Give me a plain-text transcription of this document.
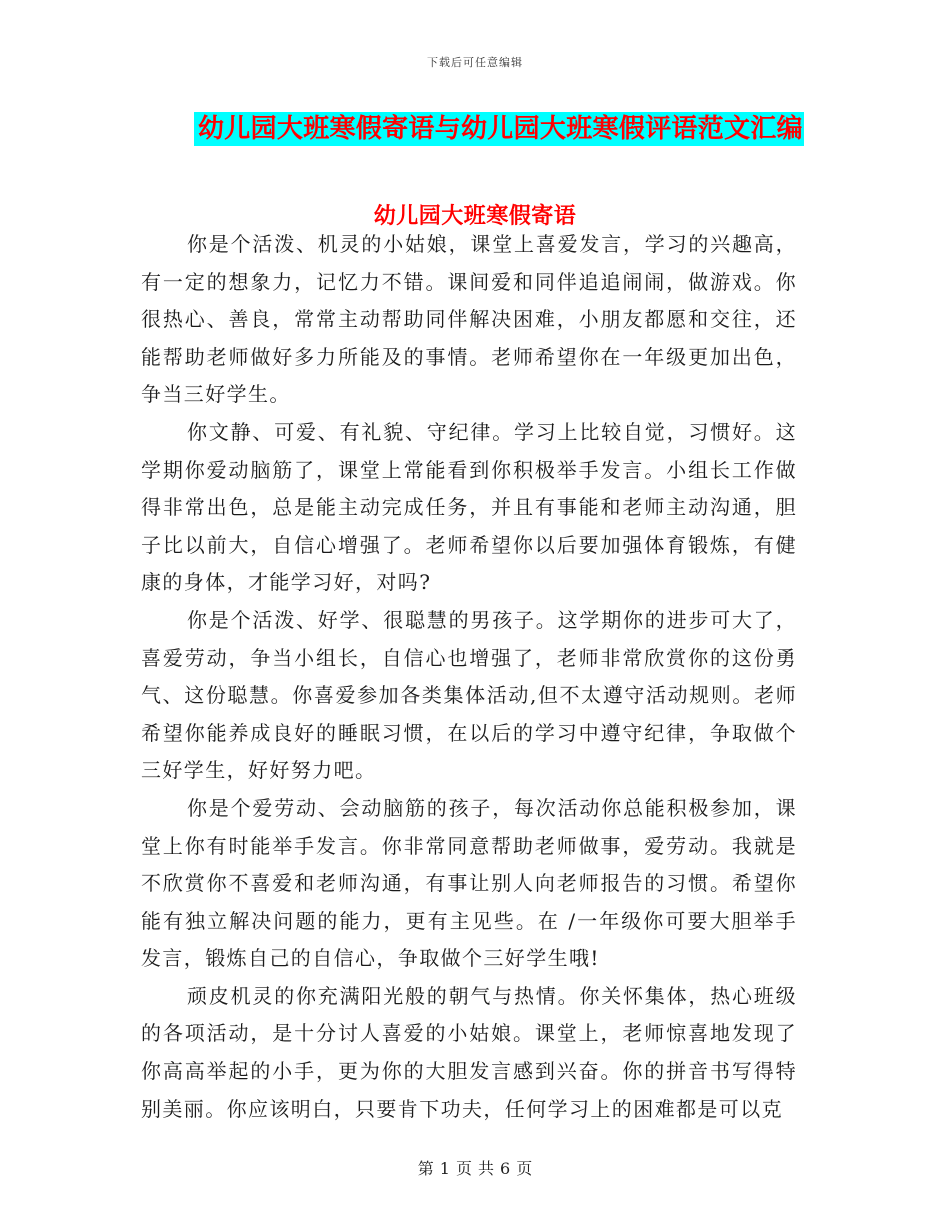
下载后可任意编辑
幼儿园大班寒假寄语与幼儿园大班寒假评语范文汇编
幼儿园大班寒假寄语

你是个活泼、机灵的小姑娘，课堂上喜爱发言，学习的兴趣高，有一定的想象力，记忆力不错。课间爱和同伴追追闹闹，做游戏。你很热心、善良，常常主动帮助同伴解决困难，小朋友都愿和交往，还能帮助老师做好多力所能及的事情。老师希望你在一年级更加出色，争当三好学生。

你文静、可爱、有礼貌、守纪律。学习上比较自觉，习惯好。这学期你爱动脑筋了，课堂上常能看到你积极举手发言。小组长工作做得非常出色，总是能主动完成任务，并且有事能和老师主动沟通，胆子比以前大，自信心增强了。老师希望你以后要加强体育锻炼，有健康的身体，才能学习好，对吗?

你是个活泼、好学、很聪慧的男孩子。这学期你的进步可大了，喜爱劳动，争当小组长，自信心也增强了，老师非常欣赏你的这份勇气、这份聪慧。你喜爱参加各类集体活动,但不太遵守活动规则。老师希望你能养成良好的睡眠习惯，在以后的学习中遵守纪律，争取做个三好学生，好好努力吧。

你是个爱劳动、会动脑筋的孩子，每次活动你总能积极参加，课堂上你有时能举手发言。你非常同意帮助老师做事，爱劳动。我就是不欣赏你不喜爱和老师沟通，有事让别人向老师报告的习惯。希望你能有独立解决问题的能力，更有主见些。在 /一年级你可要大胆举手发言，锻炼自己的自信心，争取做个三好学生哦!

顽皮机灵的你充满阳光般的朝气与热情。你关怀集体，热心班级的各项活动，是十分讨人喜爱的小姑娘。课堂上，老师惊喜地发现了你高高举起的小手，更为你的大胆发言感到兴奋。你的拼音书写得特别美丽。你应该明白，只要肯下功夫，任何学习上的困难都是可以克

第 1 页 共 6 页
